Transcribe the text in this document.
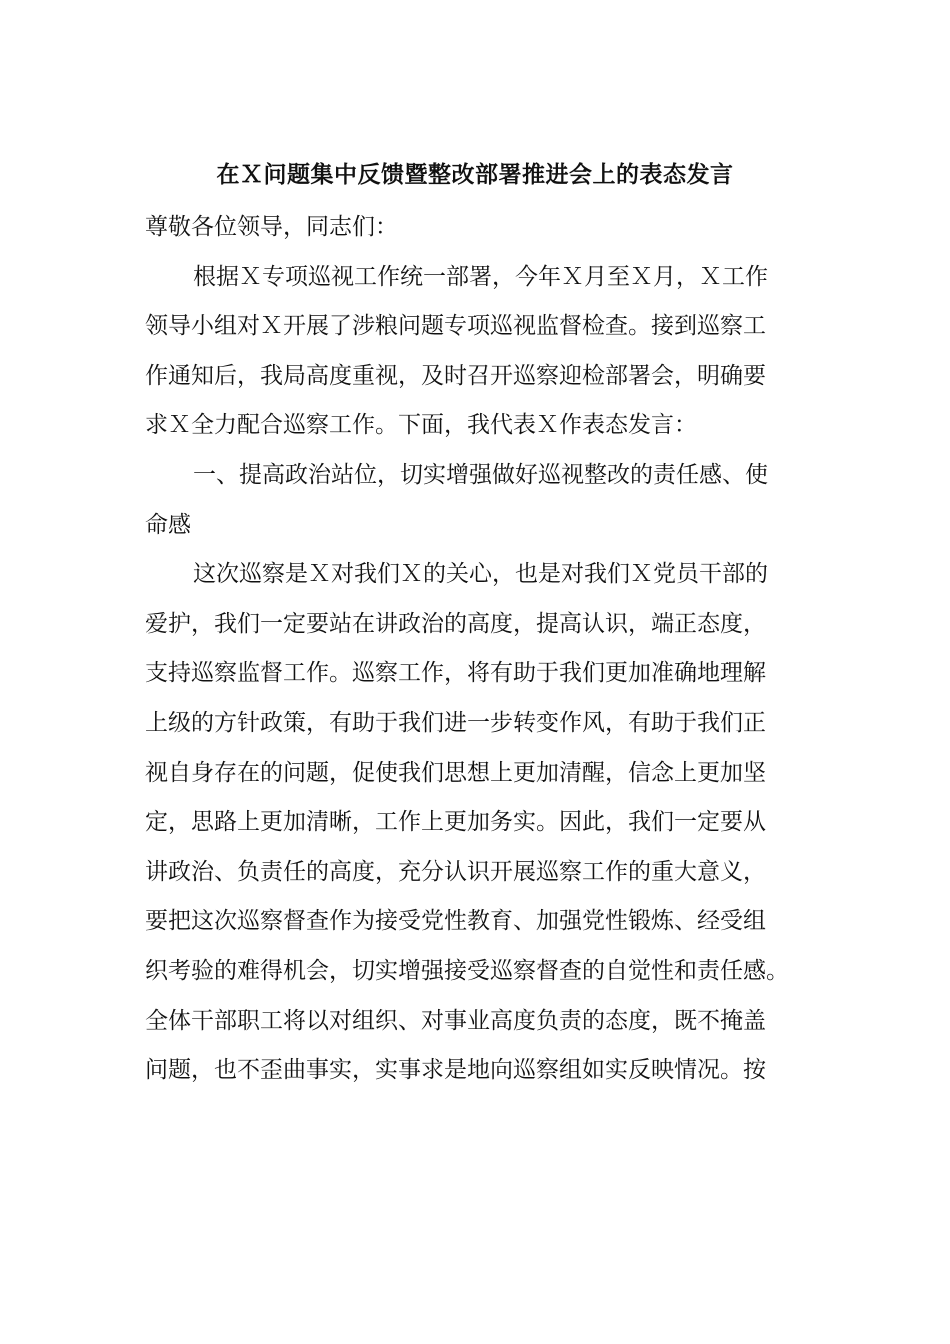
在Ｘ问题集中反馈暨整改部署推进会上的表态发言

尊敬各位领导，同志们：

根据Ｘ专项巡视工作统一部署，今年Ｘ月至Ｘ月，Ｘ工作
领导小组对Ｘ开展了涉粮问题专项巡视监督检查。接到巡察工
作通知后，我局高度重视，及时召开巡察迎检部署会，明确要
求Ｘ全力配合巡察工作。下面，我代表Ｘ作表态发言：

一、提高政治站位，切实增强做好巡视整改的责任感、使
命感

这次巡察是Ｘ对我们Ｘ的关心，也是对我们Ｘ党员干部的
爱护，我们一定要站在讲政治的高度，提高认识，端正态度，
支持巡察监督工作。巡察工作，将有助于我们更加准确地理解
上级的方针政策，有助于我们进一步转变作风，有助于我们正
视自身存在的问题，促使我们思想上更加清醒，信念上更加坚
定，思路上更加清晰，工作上更加务实。因此，我们一定要从
讲政治、负责任的高度，充分认识开展巡察工作的重大意义，
要把这次巡察督查作为接受党性教育、加强党性锻炼、经受组
织考验的难得机会，切实增强接受巡察督查的自觉性和责任感。
全体干部职工将以对组织、对事业高度负责的态度，既不掩盖
问题，也不歪曲事实，实事求是地向巡察组如实反映情况。按
